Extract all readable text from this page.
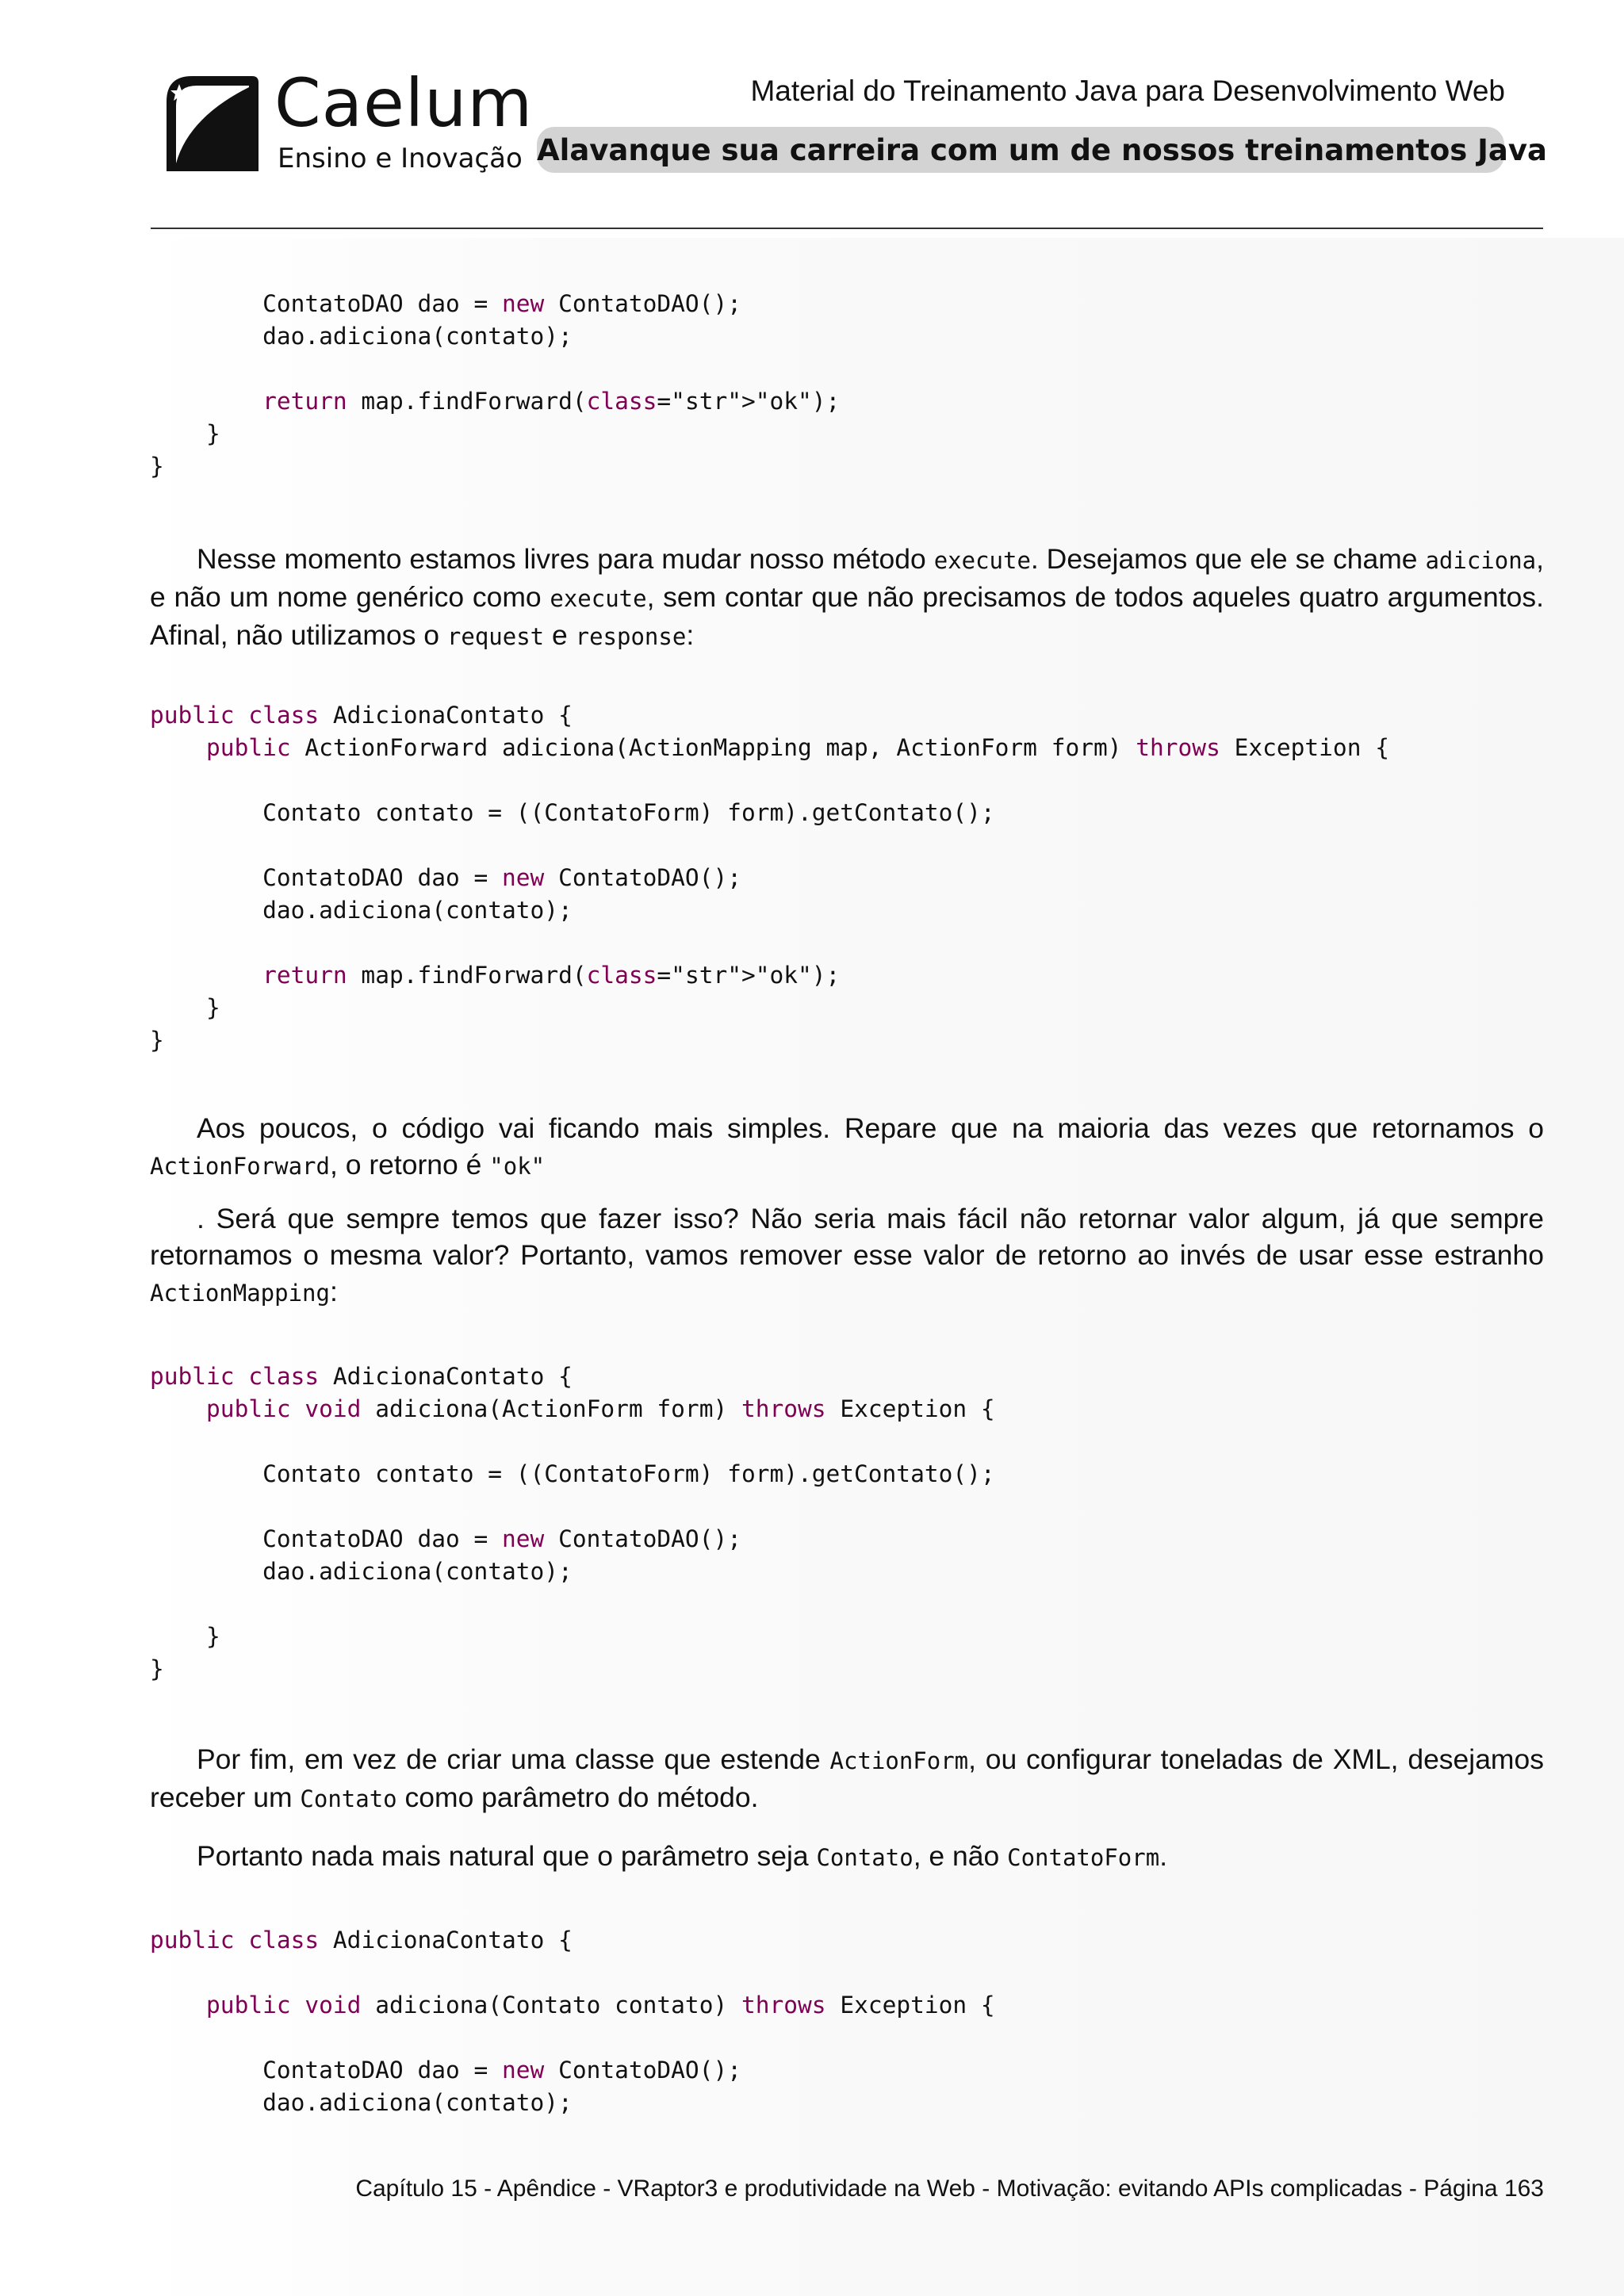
Caelum
Ensino e Inovação
Material do Treinamento Java para Desenvolvimento Web
Alavanque sua carreira com um de nossos treinamentos Java
ContatoDAO dao = new ContatoDAO();
dao.adiciona(contato);

return map.findForward(class="str">"ok");
}
}

Nesse momento estamos livres para mudar nosso método execute. Desejamos que ele se chame adiciona, e não um nome genérico como execute, sem contar que não precisamos de todos aqueles quatro argumentos. Afinal, não utilizamos o request e response:

public class AdicionaContato {
public ActionForward adiciona(ActionMapping map, ActionForm form) throws Exception {

Contato contato = ((ContatoForm) form).getContato();

ContatoDAO dao = new ContatoDAO();
dao.adiciona(contato);

return map.findForward(class="str">"ok");
}
}

Aos poucos, o código vai ficando mais simples. Repare que na maioria das vezes que retornamos o ActionForward, o retorno é "ok"

. Será que sempre temos que fazer isso? Não seria mais fácil não retornar valor algum, já que sempre retornamos o mesma valor? Portanto, vamos remover esse valor de retorno ao invés de usar esse estranho ActionMapping:

public class AdicionaContato {
public void adiciona(ActionForm form) throws Exception {

Contato contato = ((ContatoForm) form).getContato();

ContatoDAO dao = new ContatoDAO();
dao.adiciona(contato);

}
}

Por fim, em vez de criar uma classe que estende ActionForm, ou configurar toneladas de XML, desejamos receber um Contato como parâmetro do método.

Portanto nada mais natural que o parâmetro seja Contato, e não ContatoForm.

public class AdicionaContato {

public void adiciona(Contato contato) throws Exception {

ContatoDAO dao = new ContatoDAO();
dao.adiciona(contato);
Capítulo 15 - Apêndice - VRaptor3 e produtividade na Web - Motivação: evitando APIs complicadas - Página 163
